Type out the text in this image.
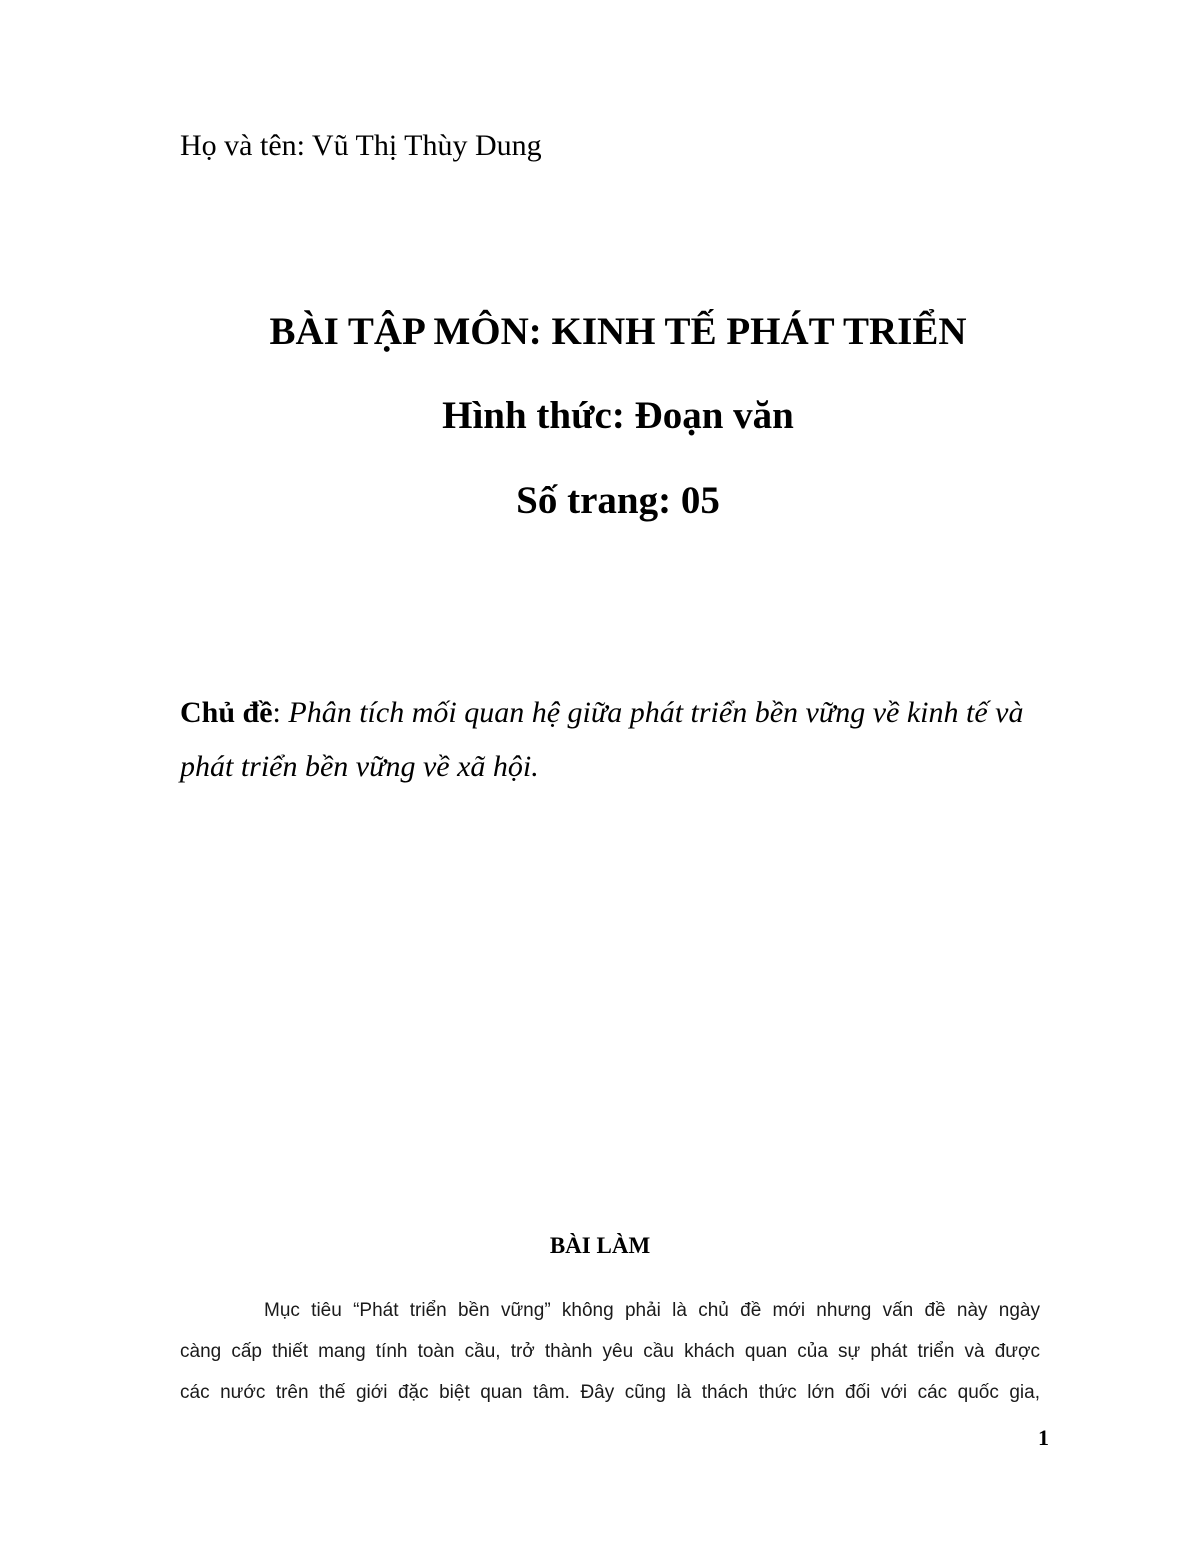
Họ và tên: Vũ Thị Thùy Dung
BÀI TẬP MÔN: KINH TẾ PHÁT TRIỂN
Hình thức: Đoạn văn
Số trang: 05
Chủ đề: Phân tích mối quan hệ giữa phát triển bền vững về kinh tế và phát triển bền vững về xã hội.
BÀI LÀM
Mục tiêu “Phát triển bền vững” không phải là chủ đề mới nhưng vấn đề này ngày
càng cấp thiết mang tính toàn cầu, trở thành yêu cầu khách quan của sự phát triển và được
các nước trên thế giới đặc biệt quan tâm. Đây cũng là thách thức lớn đối với các quốc gia,
1
